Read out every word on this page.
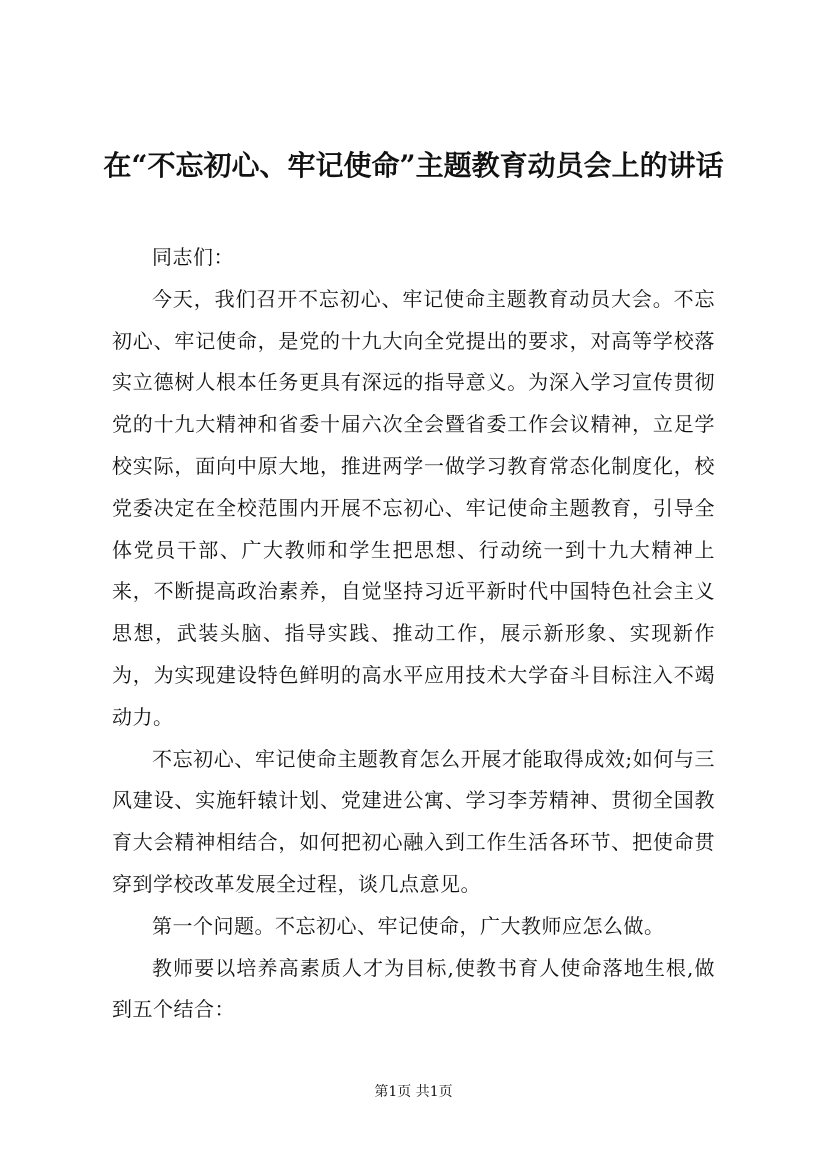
在“不忘初心、牢记使命”主题教育动员会上的讲话

同志们：

今天，我们召开不忘初心、牢记使命主题教育动员大会。不忘初心、牢记使命，是党的十九大向全党提出的要求，对高等学校落实立德树人根本任务更具有深远的指导意义。为深入学习宣传贯彻党的十九大精神和省委十届六次全会暨省委工作会议精神，立足学校实际，面向中原大地，推进两学一做学习教育常态化制度化，校党委决定在全校范围内开展不忘初心、牢记使命主题教育，引导全体党员干部、广大教师和学生把思想、行动统一到十九大精神上来，不断提高政治素养，自觉坚持习近平新时代中国特色社会主义思想，武装头脑、指导实践、推动工作，展示新形象、实现新作为，为实现建设特色鲜明的高水平应用技术大学奋斗目标注入不竭动力。

不忘初心、牢记使命主题教育怎么开展才能取得成效;如何与三风建设、实施轩辕计划、党建进公寓、学习李芳精神、贯彻全国教育大会精神相结合，如何把初心融入到工作生活各环节、把使命贯穿到学校改革发展全过程，谈几点意见。

第一个问题。不忘初心、牢记使命，广大教师应怎么做。

教师要以培养高素质人才为目标,使教书育人使命落地生根,做到五个结合：

第1页 共1页
